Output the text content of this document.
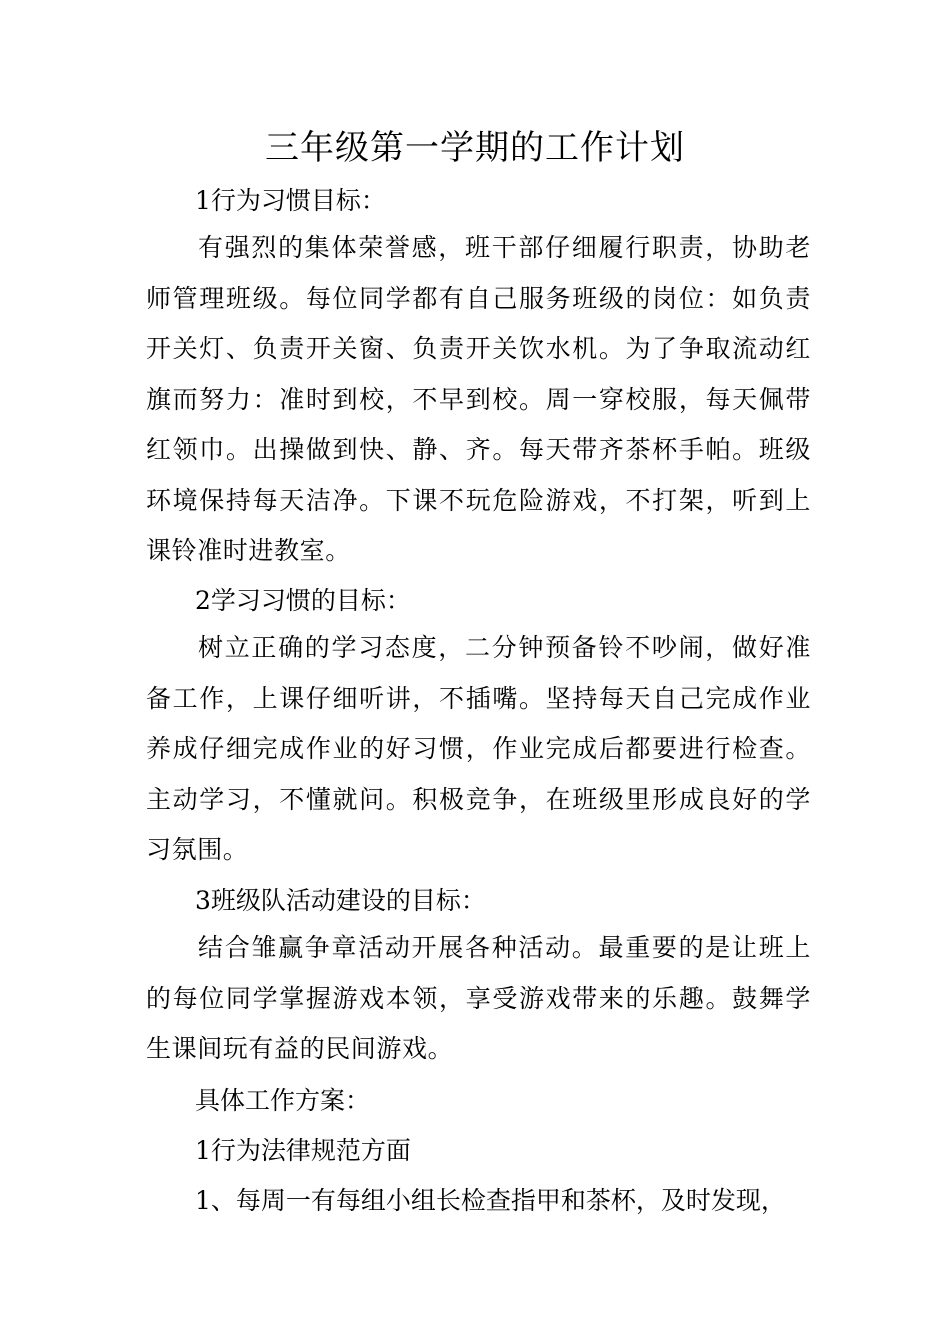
三年级第一学期的工作计划
1行为习惯目标：

有强烈的集体荣誉感，班干部仔细履行职责，协助老师管理班级。每位同学都有自己服务班级的岗位：如负责开关灯、负责开关窗、负责开关饮水机。为了争取流动红旗而努力：准时到校，不早到校。周一穿校服，每天佩带红领巾。出操做到快、静、齐。每天带齐茶杯手帕。班级环境保持每天洁净。下课不玩危险游戏，不打架，听到上课铃准时进教室。

2学习习惯的目标：

树立正确的学习态度，二分钟预备铃不吵闹，做好准备工作，上课仔细听讲，不插嘴。坚持每天自己完成作业养成仔细完成作业的好习惯，作业完成后都要进行检查。主动学习，不懂就问。积极竞争，在班级里形成良好的学习氛围。

3班级队活动建设的目标：

结合雏赢争章活动开展各种活动。最重要的是让班上的每位同学掌握游戏本领，享受游戏带来的乐趣。鼓舞学生课间玩有益的民间游戏。

具体工作方案：
1行为法律规范方面
1、每周一有每组小组长检查指甲和茶杯，及时发现，
